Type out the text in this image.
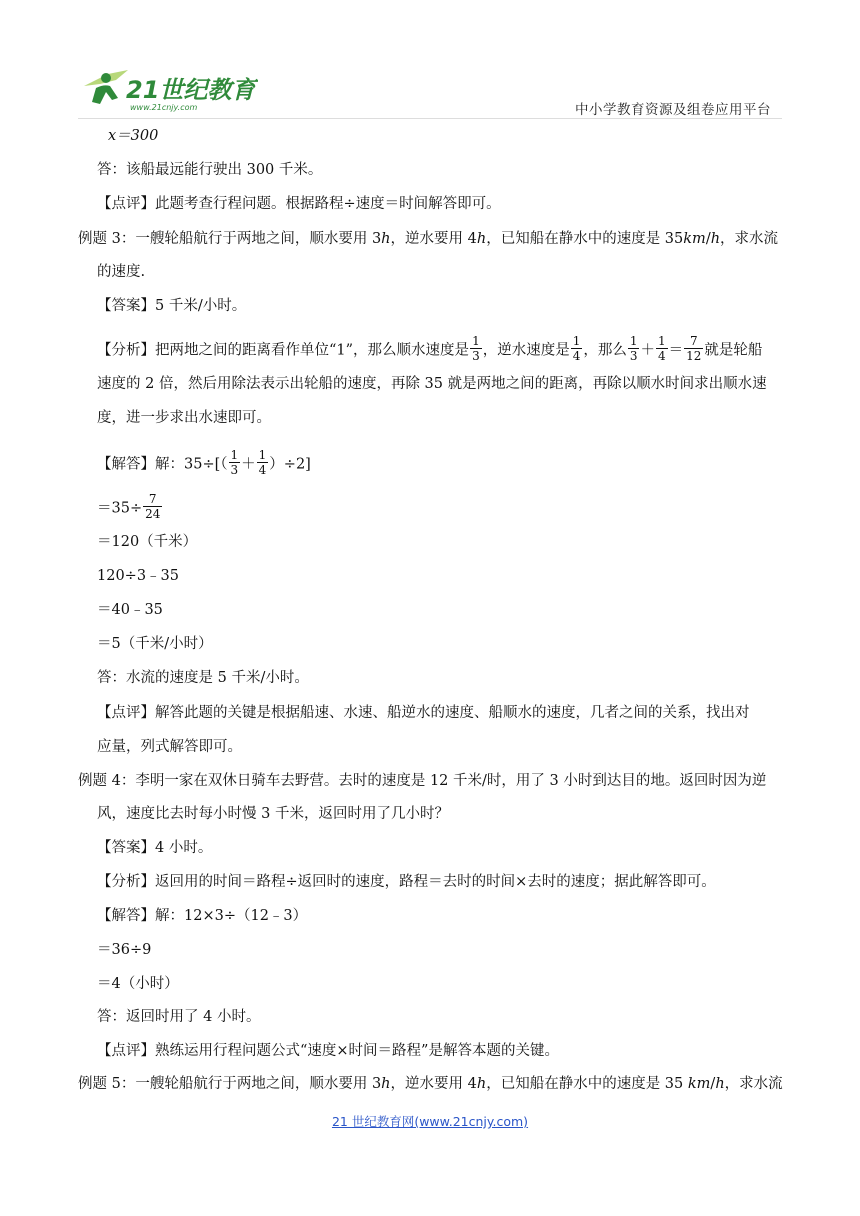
21世纪教育
www.21cnjy.com	中小学教育资源及组卷应用平台
x＝300
答：该船最远能行驶出 300 千米。
【点评】此题考查行程问题。根据路程÷速度＝时间解答即可。
例题 3：一艘轮船航行于两地之间，顺水要用 3h，逆水要用 4h，已知船在静水中的速度是 35km/h，求水流
的速度.
【答案】5 千米/小时。
【分析】把两地之间的距离看作单位“1”，那么顺水速度是 $\frac{1}{3}$ ，逆水速度是 $\frac{1}{4}$ ，那么 $\frac{1}{3} + \frac{1}{4} = \frac{7}{12}$ 就是轮船
速度的 2 倍，然后用除法表示出轮船的速度，再除 35 就是两地之间的距离，再除以顺水时间求出顺水速
度，进一步求出水速即可。
【解答】解：$35\div[( \frac{1}{3} + \frac{1}{4} )\div 2]$
$=35\div \frac{7}{24}$
＝120（千米）
120÷3﹣35
＝40﹣35
＝5（千米/小时）
答：水流的速度是 5 千米/小时。
【点评】解答此题的关键是根据船速、水速、船逆水的速度、船顺水的速度，几者之间的关系，找出对
应量，列式解答即可。
例题 4：李明一家在双休日骑车去野营。去时的速度是 12 千米/时，用了 3 小时到达目的地。返回时因为逆
风，速度比去时每小时慢 3 千米，返回时用了几小时？
【答案】4 小时。
【分析】返回用的时间＝路程÷返回时的速度，路程＝去时的时间×去时的速度；据此解答即可。
【解答】解：12×3÷（12﹣3）
＝36÷9
＝4（小时）
答：返回时用了 4 小时。
【点评】熟练运用行程问题公式“速度×时间＝路程”是解答本题的关键。
例题 5：一艘轮船航行于两地之间，顺水要用 3h，逆水要用 4h，已知船在静水中的速度是 35 km/h，求水流
21 世纪教育网(www.21cnjy.com)
